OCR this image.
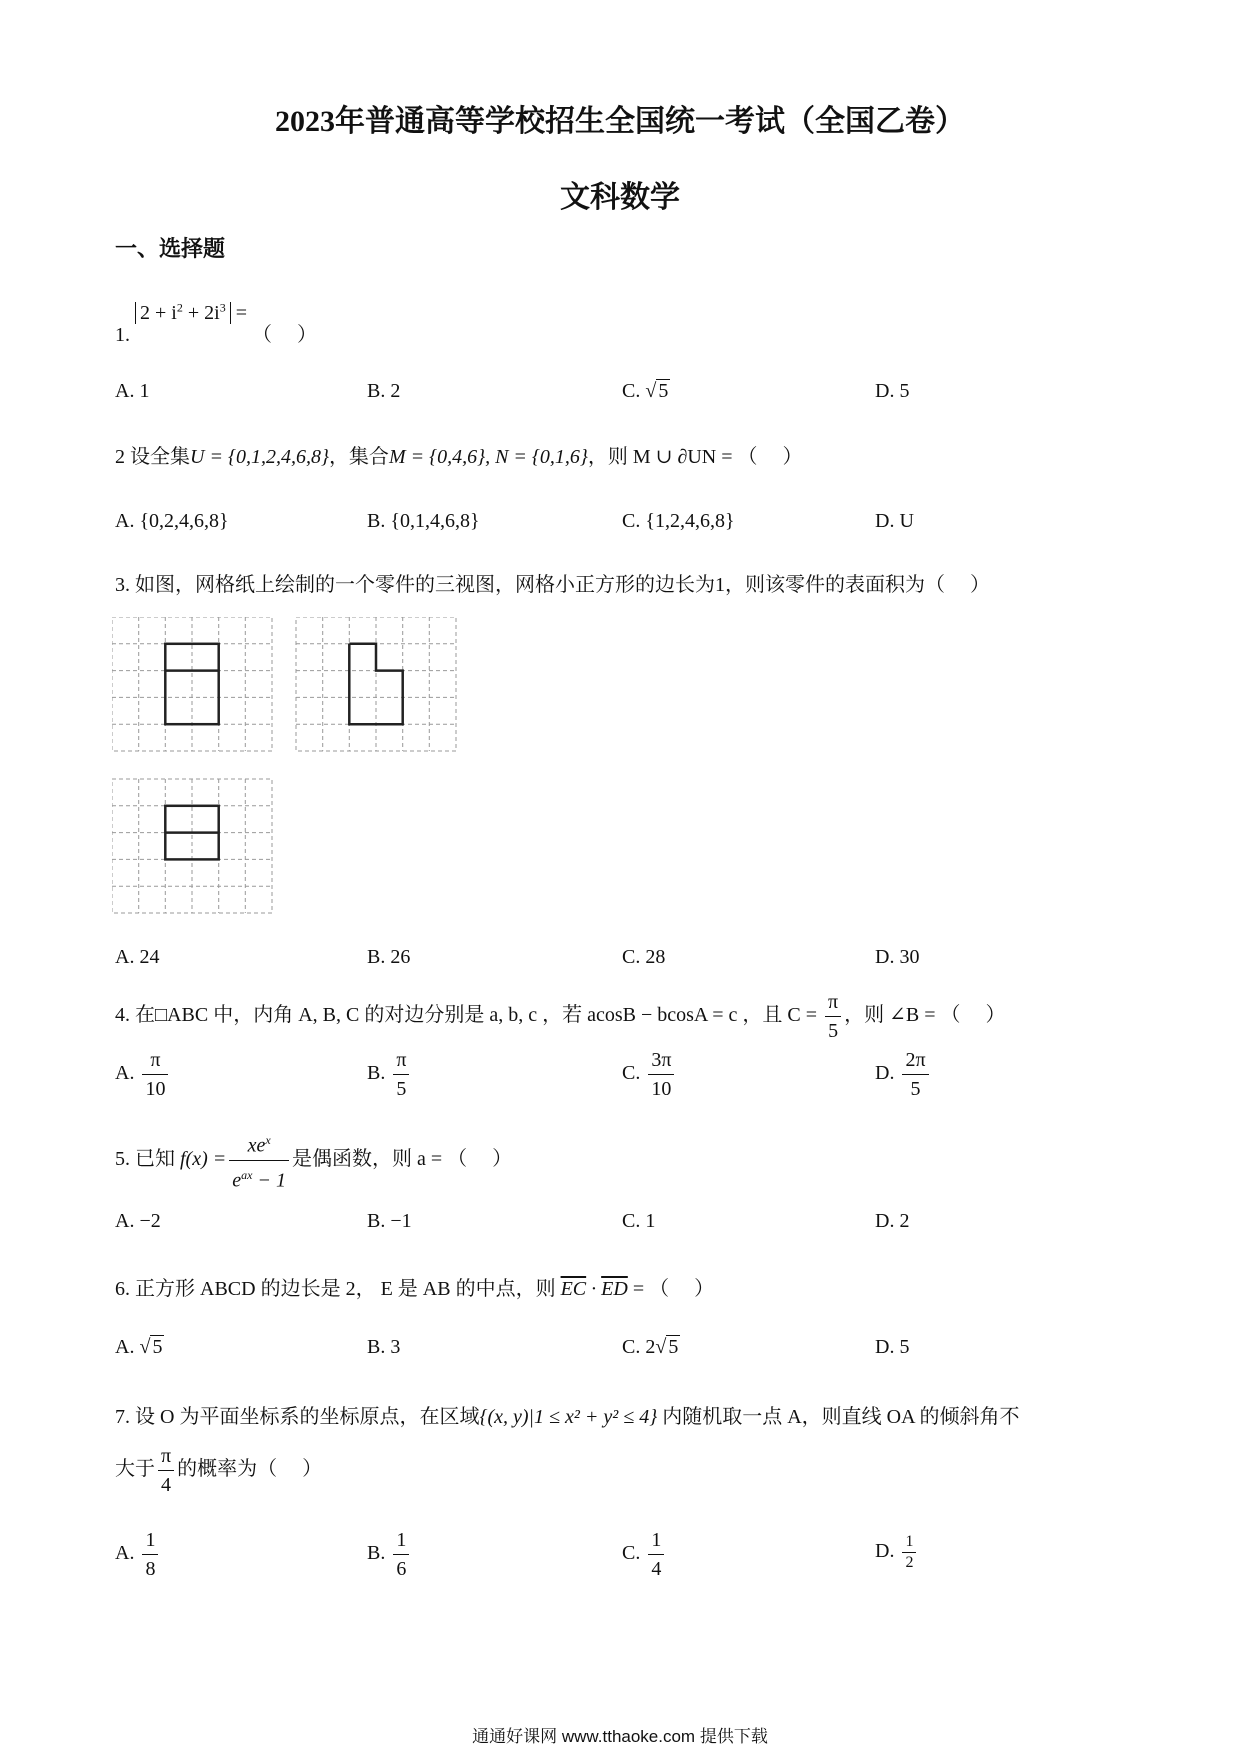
2023年普通高等学校招生全国统一考试（全国乙卷）
文科数学
一、选择题
1. $2 + i^2 + 2i^3$ = （　 ）
A. 1	B. 2	C. √ 5	D. 5
2 设全集U = {0,1,2,4,6,8}，集合M = {0,4,6}, N = {0,1,6}，则 M ∪ ∂UN = （　 ）
A. {0,2,4,6,8}	B. {0,1,4,6,8}	C. {1,2,4,6,8}	D. U
3. 如图，网格纸上绘制的一个零件的三视图，网格小正方形的边长为1，则该零件的表面积为（　 ）
A. 24	B. 26	C. 28	D. 30
4. 在□ABC 中，内角 A, B, C 的对边分别是 a, b, c ，若 acosB − bcosA = c ，且 $C = \frac{\pi}{5}$ ，则 ∠B = （　 ）
A. $\frac{\pi}{10}$	B. $\frac{\pi}{5}$	C. $\frac{3\pi}{10}$	D. $\frac{2\pi}{5}$
5. 已知 $f(x) = \frac{xe^x}{e^{ax} - 1}$ 是偶函数，则 a = （　 ）
A. −2	B. −1	C. 1	D. 2
6. 正方形 ABCD 的边长是 2， E 是 AB 的中点，则 $\overline{EC} \cdot \overline{ED}$ = （　 ）
A. √ 5	B. 3	C. 2√ 5	D. 5
7. 设 O 为平面坐标系的坐标原点，在区域{(x, y)|1 ≤ x² + y² ≤ 4} 内随机取一点 A，则直线 OA 的倾斜角不
大于 $\frac{\pi}{4}$ 的概率为（　 ）
A. $\frac{1}{8}$	B. $\frac{1}{6}$	C. $\frac{1}{4}$	D. $\frac{1}{2}$
通通好课网 www.tthaoke.com 提供下载
